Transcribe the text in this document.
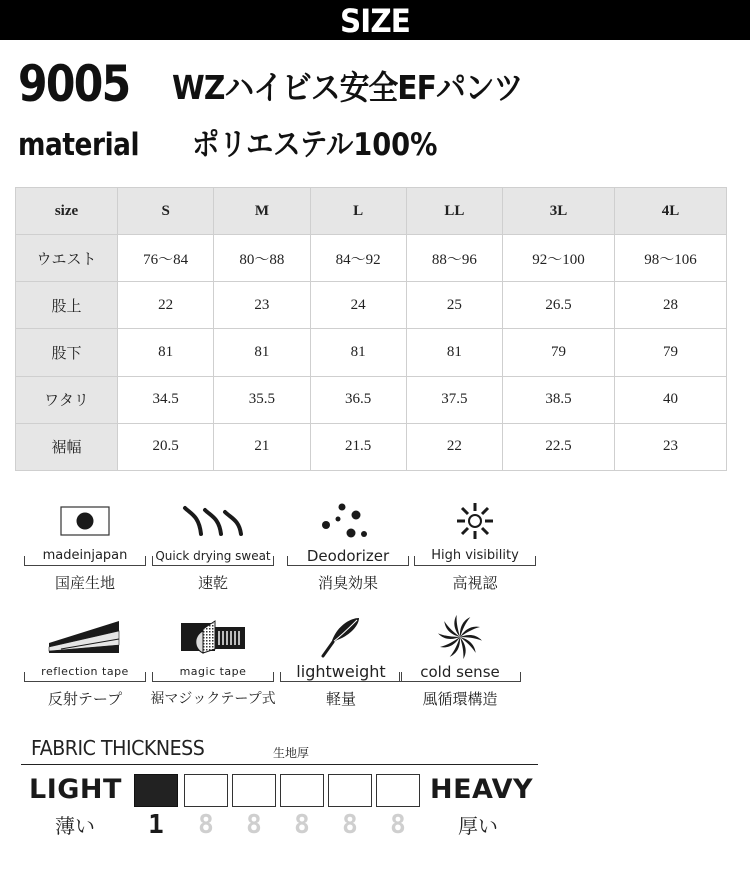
SIZE
9005 WZハイビス安全EFパンツ
material ポリエステル100%
size	S	M	L	LL	3L	4L
ウエスト	76～84	80～88	84～92	88～96	92～100	98～106
股上	22	23	24	25	26.5	28
股下	81	81	81	81	79	79
ワタリ	34.5	35.5	36.5	37.5	38.5	40
裾幅	20.5	21	21.5	22	22.5	23
madeinjapan
国産生地
Quick drying sweat
速乾
Deodorizer
消臭効果
High visibility
高視認
reflection tape
反射テープ
magic tape
裾マジックテープ式
lightweight
軽量
cold sense
風循環構造
FABRIC THICKNESS	生地厚
LIGHT	HEAVY
薄い	1	8	8	8	8	8	厚い
